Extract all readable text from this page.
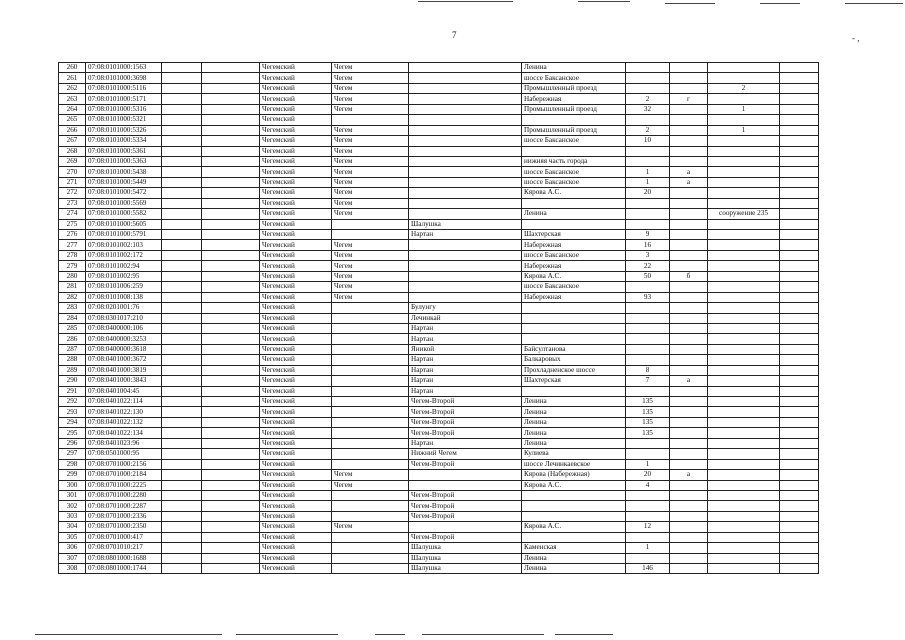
7	- ,
260	07:08:0101000:1563			Чегемский	Чегем		Ленина				
261	07:08:0101000:3698			Чегемский	Чегем		шоссе Баксанское				
262	07:08:0101000:5116			Чегемский	Чегем		Промышленный проезд			2	
263	07:08:0101000:5171			Чегемский	Чегем		Набережная	2	г		
264	07:08:0101000:5316			Чегемский	Чегем		Промышленный проезд	32		1	
265	07:08:0101000:5321			Чегемский							
266	07:08:0101000:5326			Чегемский	Чегем		Промышленный проезд	2		1	
267	07:08:0101000:5334			Чегемский	Чегем		шоссе Баксанское	10			
268	07:08:0101000:5361			Чегемский	Чегем						
269	07:08:0101000:5363			Чегемский	Чегем		нижняя часть города				
270	07:08:0101000:5438			Чегемский	Чегем		шоссе Баксанское	1	а		
271	07:08:0101000:5449			Чегемский	Чегем		шоссе Баксанское	1	а		
272	07:08:0101000:5472			Чегемский	Чегем		Кярова А.С.	20			
273	07:08:0101000:5569			Чегемский	Чегем						
274	07:08:0101000:5582			Чегемский	Чегем		Ленина			сооружение 235	
275	07:08:0101000:5605			Чегемский		Шалушка					
276	07:08:0101000:5791			Чегемский		Нартан	Шахтерская	9			
277	07:08:0101002:103			Чегемский	Чегем		Набережная	16			
278	07:08:0101002:172			Чегемский	Чегем		шоссе Баксанское	3			
279	07:08:0101002:94			Чегемский	Чегем		Набережная	22			
280	07:08:0101002:95			Чегемский	Чегем		Кярова А.С.	50	б		
281	07:08:0101006:259			Чегемский	Чегем		шоссе Баксанское				
282	07:08:0101008:138			Чегемский	Чегем		Набережная	93			
283	07:08:0201001:76			Чегемский		Булунгу					
284	07:08:0301017:210			Чегемский		Лечинкай					
285	07:08:0400000:106			Чегемский		Нартан					
286	07:08:0400000:3253			Чегемский		Нартан					
287	07:08:0400000:3618			Чегемский		Яникой	Байсултанова				
288	07:08:0401000:3672			Чегемский		Нартан	Балкаровых				
289	07:08:0401000:3819			Чегемский		Нартан	Прохладненское шоссе	8			
290	07:08:0401000:3843			Чегемский		Нартан	Шахтерская	7	а		
291	07:08:0401004:45			Чегемский		Нартан					
292	07:08:0401022:114			Чегемский		Чегем-Второй	Ленина	135			
293	07:08:0401022:130			Чегемский		Чегем-Второй	Ленина	135			
294	07:08:0401022:132			Чегемский		Чегем-Второй	Ленина	135			
295	07:08:0401022:134			Чегемский		Чегем-Второй	Ленина	135			
296	07:08:0401023:96			Чегемский		Нартан	Ленина				
297	07:08:0501000:95			Чегемский		Нижний Чегем	Кулиева				
298	07:08:0701000:2156			Чегемский		Чегем-Второй	шоссе Лечинкаевское	1			
299	07:08:0701000:2184			Чегемский	Чегем		Кярова (Набережная)	20	а		
300	07:08:0701000:2225			Чегемский	Чегем		Кярова А.С.	4			
301	07:08:0701000:2280			Чегемский		Чегем-Второй					
302	07:08:0701000:2287			Чегемский		Чегем-Второй					
303	07:08:0701000:2336			Чегемский		Чегем-Второй					
304	07:08:0701000:2350			Чегемский	Чегем		Кярова А.С.	12			
305	07:08:0701000:417			Чегемский		Чегем-Второй					
306	07:08:0701010:217			Чегемский		Шалушка	Каменская	1			
307	07:08:0801000:1688			Чегемский		Шалушка	Ленина				
308	07:08:0801000:1744			Чегемский		Шалушка	Ленина	146			
